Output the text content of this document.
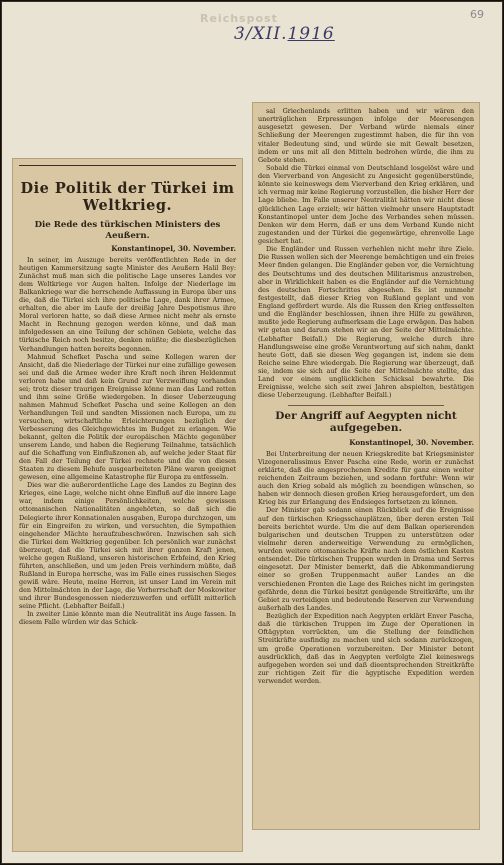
Reichspost	69
3/XII.1916
Die Politik der Türkei im Weltkrieg.
Die Rede des türkischen Ministers des Aeußern.
Konstantinopel, 30. November.

In seiner, im Auszuge bereits veröffentlichten Rede in der heutigen Kammersitzung sagte Minister des Aeußern Halil Bey: Zunächst muß man sich die politische Lage unseres Landes vor dem Weltkriege vor Augen halten. Infolge der Niederlage im Balkankriege war die herrschende Auffassung in Europa über uns die, daß die Türkei sich ihre politische Lage, dank ihrer Armee, erhalten, die aber im Laufe der dreißig Jahre Despotismus ihre Moral verloren hatte, so daß diese Armee nicht mehr als ernste Macht in Rechnung gezogen werden könne, und daß man infolgedessen an eine Teilung der schönen Gebiete, welche das türkische Reich noch besitze, denken müßte; die diesbezüglichen Verhandlungen hatten bereits begonnen.

Mahmud Schefket Pascha und seine Kollegen waren der Ansicht, daß die Niederlage der Türkei nur eine zufällige gewesen sei und daß die Armee weder ihre Kraft noch ihren Heldenmut verloren habe und daß kein Grund zur Verzweiflung vorhanden sei; trotz dieser traurigen Ereignisse könne man das Land retten und ihm seine Größe wiedergeben. In dieser Ueberzeugung nahmen Mahmud Schefket Pascha und seine Kollegen an den Verhandlungen Teil und sandten Missionen nach Europa, um zu versuchen, wirtschaftliche Erleichterungen bezüglich der Verbesserung des Gleichgewichtes im Budget zu erlangen. Wie bekannt, gelten die Politik der europäischen Mächte gegenüber unserem Lande, und haben die Regierung Teilnahme, tatsächlich auf die Schaffung von Einflußzonen ab, auf welche jeder Staat für den Fall der Teilung der Türkei rechnete und die von diesen Staaten zu diesem Behufe ausgearbeiteten Pläne waren geeignet gewesen, eine allgemeine Katastrophe für Europa zu entfesseln.

Dies war die außerordentliche Lage des Landes zu Beginn des Krieges, eine Lage, welche nicht ohne Einfluß auf die innere Lage war, indem einige Persönlichkeiten, welche gewissen ottomanischen Nationalitäten angehörten, so daß sich die Delegierte ihrer Konnationalen ausgaben, Europa durchzogen, um für ein Eingreifen zu wirken, und versuchten, die Sympathien eingehender Mächte heraufzubeschwören. Inzwischen sah sich die Türkei dem Weltkrieg gegenüber. Ich persönlich war zunächst überzeugt, daß die Türkei sich mit ihrer ganzen Kraft jenen, welche gegen Rußland, unseren historischen Erbfeind, den Krieg führten, anschließen, und um jeden Preis verhindern müßte, daß Rußland in Europa herrsche, was im Falle eines russischen Sieges gewiß wäre. Heute, meine Herren, ist unser Land im Verein mit den Mittelmächten in der Lage, die Vorherrschaft der Moskowiter und ihrer Bundesgenossen niederzuwerfen und erfüllt mitterlich seine Pflicht. (Lebhafter Beifall.)

In zweiter Linie könnte man die Neutralität ins Auge fassen. In diesem Falle würden wir das Schick-

sal Griechenlands erlitten haben und wir wären den unerträglichen Erpressungen infolge der Meeresengen ausgesetzt gewesen. Der Verband würde niemals einer Schließung der Meerengen zugestimmt haben, die für ihn von vitaler Bedeutung sind, und würde sie mit Gewalt besetzen, indem er uns mit all den Mitteln bedrohen würde, die ihm zu Gebote stehen.

Sobald die Türkei einmal von Deutschland losgelöst wäre und den Vierverband von Angesicht zu Angesicht gegenüberstünde, könnte sie keineswegs dem Vierverband den Krieg erklären, und ich vermag mir keine Regierung vorzustellen, die bisher Herr der Lage bliebe. Im Falle unserer Neutralität hätten wir nicht diese glücklichen Lage erzielt; wir hätten vielmehr unsere Hauptstadt Konstantinopel unter dem Joche des Verbandes sehen müssen. Denken wir dem Herrn, daß er uns dem Verband Kunde nicht zugestanden und der Türkei die gegenwärtige, ehrenvolle Lage gesichert hat.

Die Engländer und Russen verhehlen nicht mehr ihre Ziele. Die Russen wollen sich der Meerenge bemächtigen und ein freies Meer finden gelangen. Die Engländer geben vor, die Vernichtung des Deutschtums und des deutschen Militarismus anzustreben, aber in Wirklichkeit haben es die Engländer auf die Vernichtung des deutschen Fortschrittes abgesehen. Es ist nunmehr festgestellt, daß dieser Krieg von Rußland geplant und von England gefördert wurde. Als die Russen den Krieg entfesselten und die Engländer beschlossen, ihnen ihre Hilfe zu gewähren, mußte jede Regierung aufmerksam die Lage erwägen. Das haben wir getan und darum stehen wir an der Seite der Mittelmächte. (Lebhafter Beifall.) Die Regierung, welche durch ihre Handlungsweise eine große Verantwortung auf sich nahm, dankt heute Gott, daß sie diesen Weg gegangen ist, indem sie dem Reiche seine Ehre wiedergab. Die Regierung war überzeugt, daß sie, indem sie sich auf die Seite der Mittelmächte stellte, das Land vor einem unglücklichen Schicksal bewahrte. Die Ereignisse, welche sich seit zwei Jahren abspielten, bestätigen diese Ueberzeugung. (Lebhafter Beifall.)

Der Angriff auf Aegypten nicht aufgegeben.
Konstantinopel, 30. November.

Bei Unterbreitung der neuen Kriegskredite bat Kriegsminister Vizegeneralissimus Enver Pascha eine Rede, worin er zunächst erklärte, daß die angesprochenen Kredite für ganz einen weiter reichenden Zeitraum beziehen, und sodann fortfuhr: Wenn wir auch den Krieg sobald als möglich zu beendigen wünschen, so haben wir dennoch diesen großen Krieg herausgefordert, um den Krieg bis zur Erlangung des Endsieges fortsetzen zu können.

Der Minister gab sodann einen Rückblick auf die Ereignisse auf den türkischen Kriegsschauplätzen, über deren ersten Teil bereits berichtet wurde. Um die auf dem Balkan operierenden bulgarischen und deutschen Truppen zu unterstützen oder vielmehr deren anderweitige Verwendung zu ermöglichen, wurden weitere ottomanische Kräfte nach dem östlichen Kasten entsendet. Die türkischen Truppen wurden in Drama und Serres eingesetzt. Der Minister bemerkt, daß die Abkommandierung einer so großen Truppenmacht außer Landes an die verschiedenen Fronten die Lage des Reiches nicht im geringsten gefährde, denn die Türkei besitzt genügende Streitkräfte, um ihr Gebiet zu verteidigen und bedeutende Reserven zur Verwendung außerhalb des Landes.

Bezüglich der Expedition nach Aegypten erklärt Enver Pascha, daß die türkischen Truppen im Zuge der Operationen in Oftägypten vorrückten, um die Stellung der feindlichen Streitkräfte ausfindig zu machen und sich sodann zurückzogen, um große Operationen vorzubereiten. Der Minister betont ausdrücklich, daß das in Aegypten verfolgte Ziel keineswegs aufgegeben worden sei und daß dieentsprechenden Streitkräfte zur richtigen Zeit für die ägyptische Expedition werden verwendet werden.
